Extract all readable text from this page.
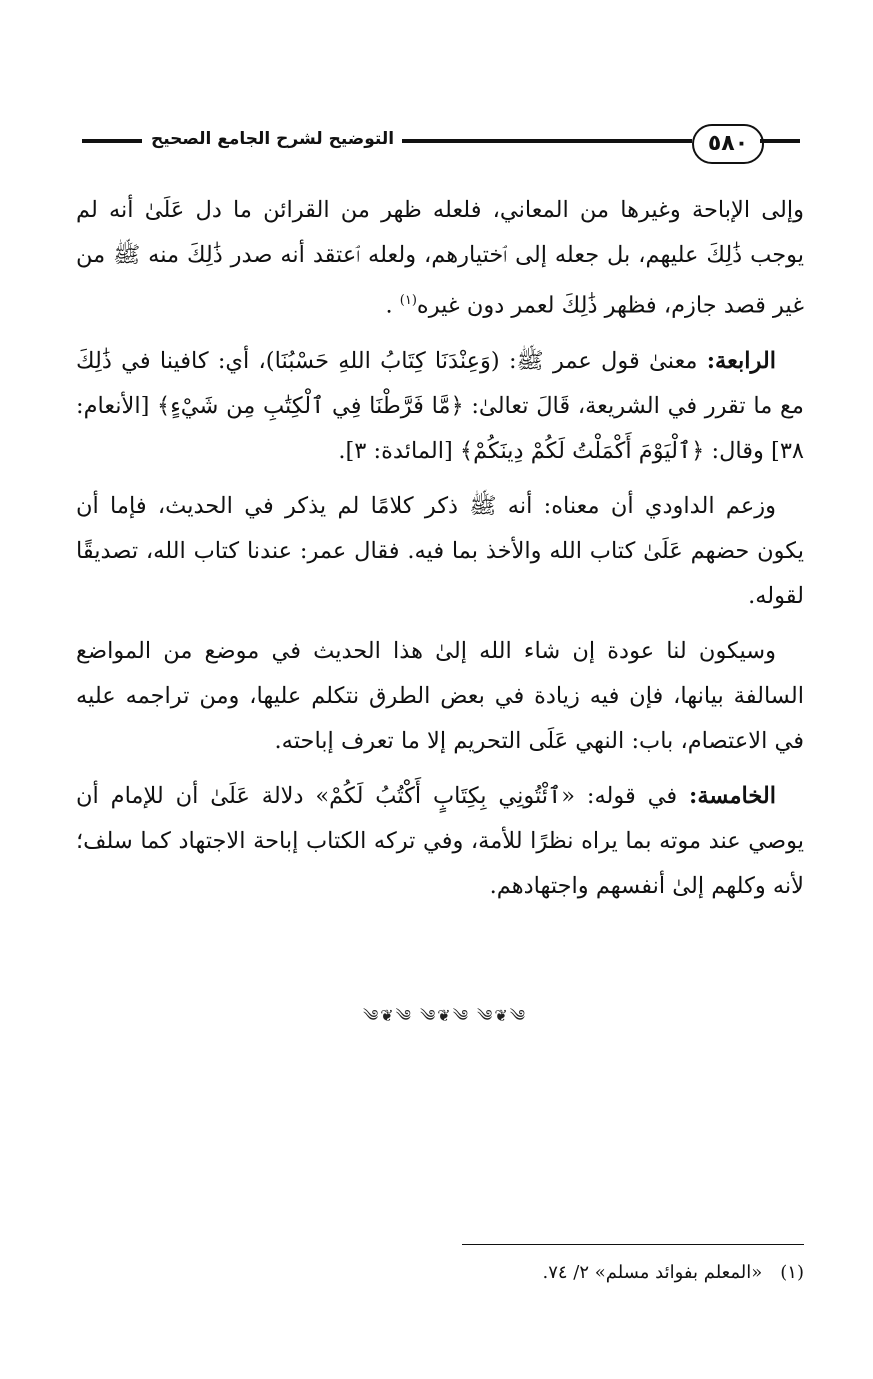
التوضيح لشرح الجامع الصحيح	٥٨٠

وإلى الإباحة وغيرها من المعاني، فلعله ظهر من القرائن ما دل عَلَىٰ أنه لم يوجب ذَٰلِكَ عليهم، بل جعله إلى ٱختيارهم، ولعله ٱعتقد أنه صدر ذَٰلِكَ منه ﷺ من غير قصد جازم، فظهر ذَٰلِكَ لعمر دون غيره$^{(١)}$ .

الرابعة: معنىٰ قول عمر ﷺ: (وَعِنْدَنَا كِتَابُ اللهِ حَسْبُنَا)، أي: كافينا في ذَٰلِكَ مع ما تقرر في الشريعة، قَالَ تعالىٰ: ﴿مَّا فَرَّطْنَا فِي ٱلْكِتَٰبِ مِن شَيْءٍ﴾ [الأنعام: ٣٨] وقال: ﴿ٱلْيَوْمَ أَكْمَلْتُ لَكُمْ دِينَكُمْ﴾ [المائدة: ٣].

وزعم الداودي أن معناه: أنه ﷺ ذكر كلامًا لم يذكر في الحديث، فإما أن يكون حضهم عَلَىٰ كتاب الله والأخذ بما فيه. فقال عمر: عندنا كتاب الله، تصديقًا لقوله.

وسيكون لنا عودة إن شاء الله إلىٰ هذا الحديث في موضع من المواضع السالفة بيانها، فإن فيه زيادة في بعض الطرق نتكلم عليها، ومن تراجمه عليه في الاعتصام، باب: النهي عَلَى التحريم إلا ما تعرف إباحته.

الخامسة: في قوله: «ٱئْتُونِي بِكِتَابٍ أَكْتُبُ لَكُمْ» دلالة عَلَىٰ أن للإمام أن يوصي عند موته بما يراه نظرًا للأمة، وفي تركه الكتاب إباحة الاجتهاد كما سلف؛ لأنه وكلهم إلىٰ أنفسهم واجتهادهم.

༄❦༄ ༄❦༄ ༄❦༄
(١)«المعلم بفوائد مسلم» ٢/ ٧٤.
